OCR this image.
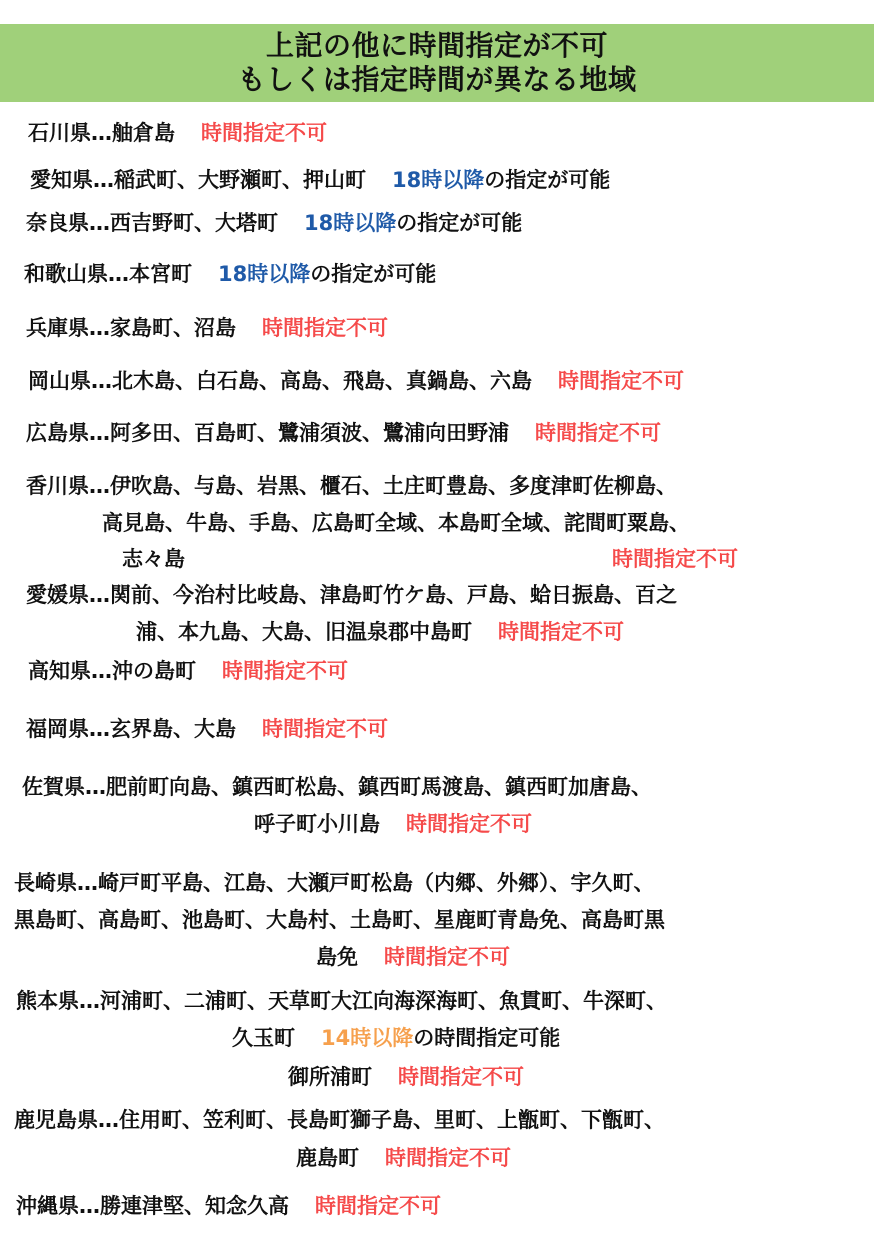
上記の他に時間指定が不可
もしくは指定時間が異なる地域
石川県…舳倉島 時間指定不可
愛知県…稲武町、大野瀬町、押山町 18時以降の指定が可能
奈良県…西吉野町、大塔町 18時以降の指定が可能
和歌山県…本宮町 18時以降の指定が可能
兵庫県…家島町、沼島 時間指定不可
岡山県…北木島、白石島、高島、飛島、真鍋島、六島 時間指定不可
広島県…阿多田、百島町、鷺浦須波、鷺浦向田野浦 時間指定不可
香川県…伊吹島、与島、岩黒、櫃石、土庄町豊島、多度津町佐柳島、
高見島、牛島、手島、広島町全域、本島町全域、詫間町粟島、
志々島	時間指定不可
愛媛県…関前、今治村比岐島、津島町竹ケ島、戸島、蛤日振島、百之
浦、本九島、大島、旧温泉郡中島町 時間指定不可
高知県…沖の島町 時間指定不可
福岡県…玄界島、大島 時間指定不可
佐賀県…肥前町向島、鎮西町松島、鎮西町馬渡島、鎮西町加唐島、
呼子町小川島 時間指定不可
長崎県…崎戸町平島、江島、大瀬戸町松島（内郷、外郷）、宇久町、
黒島町、高島町、池島町、大島村、土島町、星鹿町青島免、高島町黒
島免 時間指定不可
熊本県…河浦町、二浦町、天草町大江向海深海町、魚貫町、牛深町、
久玉町 14時以降の時間指定可能
御所浦町 時間指定不可
鹿児島県…住用町、笠利町、長島町獅子島、里町、上甑町、下甑町、
鹿島町 時間指定不可
沖縄県…勝連津堅、知念久高 時間指定不可
